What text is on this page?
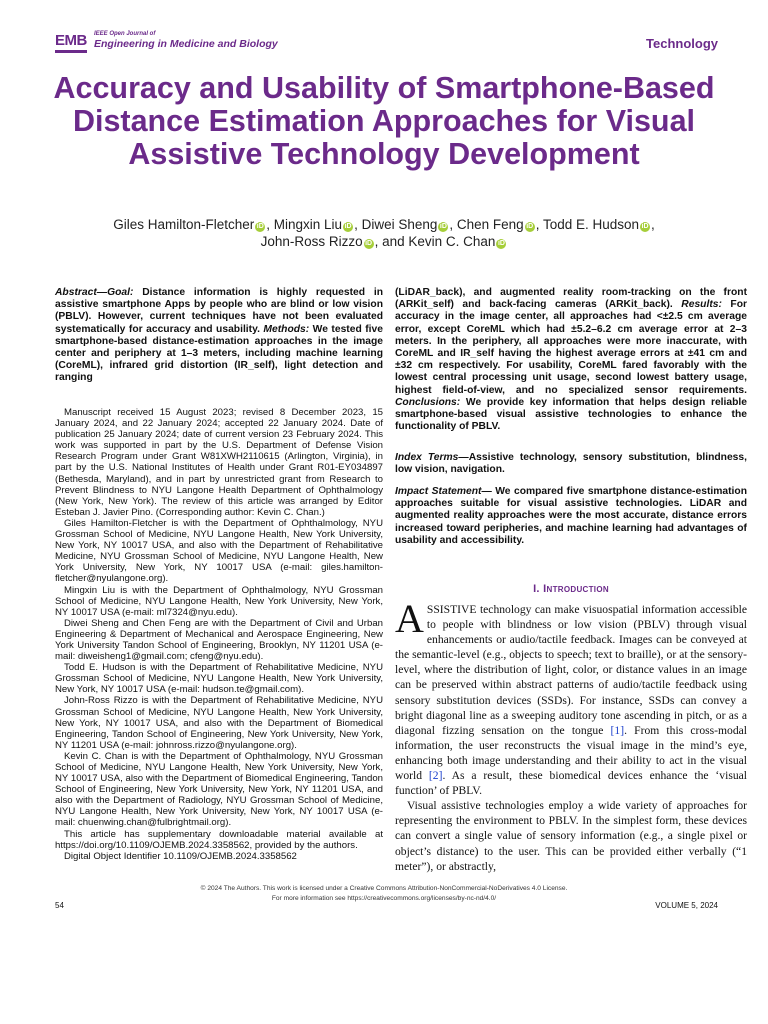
EMB IEEE Open Journal of
Engineering in Medicine and Biology	Technology
Accuracy and Usability of Smartphone-Based Distance Estimation Approaches for Visual Assistive Technology Development
Giles Hamilton-Fletcher iD , Mingxin Liu iD , Diwei Sheng iD , Chen Feng iD , Todd E. Hudson iD ,
John-Ross Rizzo iD , and Kevin C. Chan iD
Abstract—Goal: Distance information is highly requested in assistive smartphone Apps by people who are blind or low vision (PBLV). However, current techniques have not been evaluated systematically for accuracy and usability. Methods: We tested five smartphone-based distance-estimation approaches in the image center and periphery at 1–3 meters, including machine learning (CoreML), infrared grid distortion (IR_self), light detection and ranging
(LiDAR_back), and augmented reality room-tracking on the front (ARKit_self) and back-facing cameras (ARKit_back). Results: For accuracy in the image center, all approaches had <±2.5 cm average error, except CoreML which had ±5.2–6.2 cm average error at 2–3 meters. In the periphery, all approaches were more inaccurate, with CoreML and IR_self having the highest average errors at ±41 cm and ±32 cm respectively. For usability, CoreML fared favorably with the lowest central processing unit usage, second lowest battery usage, highest field-of-view, and no specialized sensor requirements. Conclusions: We provide key information that helps design reliable smartphone-based visual assistive technologies to enhance the functionality of PBLV.

Manuscript received 15 August 2023; revised 8 December 2023, 15 January 2024, and 22 January 2024; accepted 22 January 2024. Date of publication 25 January 2024; date of current version 23 February 2024. This work was supported in part by the U.S. Department of Defense Vision Research Program under Grant W81XWH2110615 (Arlington, Virginia), in part by the U.S. National Institutes of Health under Grant R01-EY034897 (Bethesda, Maryland), and in part by unrestricted grant from Research to Prevent Blindness to NYU Langone Health Department of Ophthalmology (New York, New York). The review of this article was arranged by Editor Esteban J. Javier Pino. (Corresponding author: Kevin C. Chan.)

Giles Hamilton-Fletcher is with the Department of Ophthalmology, NYU Grossman School of Medicine, NYU Langone Health, New York University, New York, NY 10017 USA, and also with the Department of Rehabilitative Medicine, NYU Grossman School of Medicine, NYU Langone Health, New York University, New York, NY 10017 USA (e-mail: giles.hamilton-fletcher@nyulangone.org).

Mingxin Liu is with the Department of Ophthalmology, NYU Grossman School of Medicine, NYU Langone Health, New York University, New York, NY 10017 USA (e-mail: ml7324@nyu.edu).

Diwei Sheng and Chen Feng are with the Department of Civil and Urban Engineering & Department of Mechanical and Aerospace Engineering, New York University Tandon School of Engineering, Brooklyn, NY 11201 USA (e-mail: diweisheng1@gmail.com; cfeng@nyu.edu).

Todd E. Hudson is with the Department of Rehabilitative Medicine, NYU Grossman School of Medicine, NYU Langone Health, New York University, New York, NY 10017 USA (e-mail: hudson.te@gmail.com).

John-Ross Rizzo is with the Department of Rehabilitative Medicine, NYU Grossman School of Medicine, NYU Langone Health, New York University, New York, NY 10017 USA, and also with the Department of Biomedical Engineering, Tandon School of Engineering, New York University, New York, NY 11201 USA (e-mail: johnross.rizzo@nyulangone.org).

Kevin C. Chan is with the Department of Ophthalmology, NYU Grossman School of Medicine, NYU Langone Health, New York University, New York, NY 10017 USA, also with the Department of Biomedical Engineering, Tandon School of Engineering, New York University, New York, NY 11201 USA, and also with the Department of Radiology, NYU Grossman School of Medicine, NYU Langone Health, New York University, New York, NY 10017 USA (e-mail: chuenwing.chan@fulbrightmail.org).

This article has supplementary downloadable material available at https://doi.org/10.1109/OJEMB.2024.3358562, provided by the authors.

Digital Object Identifier 10.1109/OJEMB.2024.3358562

Index Terms—Assistive technology, sensory substitution, blindness, low vision, navigation.
Impact Statement— We compared five smartphone distance-estimation approaches suitable for visual assistive technologies. LiDAR and augmented reality approaches were the most accurate, distance errors increased toward peripheries, and machine learning had advantages of usability and accessibility.
I. Introduction

ASSISTIVE technology can make visuospatial information accessible to people with blindness or low vision (PBLV) through visual enhancements or audio/tactile feedback. Images can be conveyed at the semantic-level (e.g., objects to speech; text to braille), or at the sensory-level, where the distribution of light, color, or distance values in an image can be preserved within abstract patterns of audio/tactile feedback using sensory substitution devices (SSDs). For instance, SSDs can convey a bright diagonal line as a sweeping auditory tone ascending in pitch, or as a diagonal fizzing sensation on the tongue [1]. From this cross-modal information, the user reconstructs the visual image in the mind’s eye, enhancing both image understanding and their ability to act in the visual world [2]. As a result, these biomedical devices enhance the ‘visual function’ of PBLV.

Visual assistive technologies employ a wide variety of approaches for representing the environment to PBLV. In the simplest form, these devices can convert a single value of sensory information (e.g., a single pixel or object’s distance) to the user. This can be provided either verbally (“1 meter”), or abstractly,

© 2024 The Authors. This work is licensed under a Creative Commons Attribution-NonCommercial-NoDerivatives 4.0 License.
For more information see https://creativecommons.org/licenses/by-nc-nd/4.0/
54	VOLUME 5, 2024
